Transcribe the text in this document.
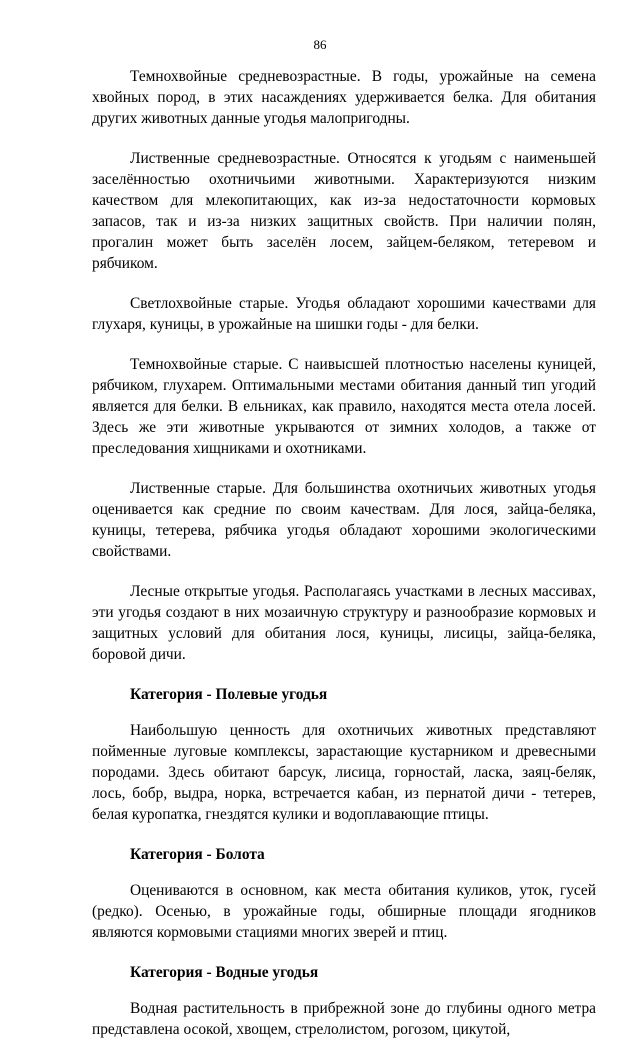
86

Темнохвойные средневозрастные. В годы, урожайные на семена хвойных пород, в этих насаждениях удерживается белка. Для обитания других животных данные угодья малопригодны.

Лиственные средневозрастные. Относятся к угодьям с наименьшей заселённостью охотничьими животными. Характеризуются низким качеством для млекопитающих, как из-за недостаточности кормовых запасов, так и из-за низких защитных свойств. При наличии полян, прогалин может быть заселён лосем, зайцем-беляком, тетеревом и рябчиком.

Светлохвойные старые. Угодья обладают хорошими качествами для глухаря, куницы, в урожайные на шишки годы - для белки.

Темнохвойные старые. С наивысшей плотностью населены куницей, рябчиком, глухарем. Оптимальными местами обитания данный тип угодий является для белки. В ельниках, как правило, находятся места отела лосей. Здесь же эти животные укрываются от зимних холодов, а также от преследования хищниками и охотниками.

Лиственные старые. Для большинства охотничьих животных угодья оценивается как средние по своим качествам. Для лося, зайца-беляка, куницы, тетерева, рябчика угодья обладают хорошими экологическими свойствами.

Лесные открытые угодья. Располагаясь участками в лесных массивах, эти угодья создают в них мозаичную структуру и разнообразие кормовых и защитных условий для обитания лося, куницы, лисицы, зайца-беляка, боровой дичи.

Категория - Полевые угодья

Наибольшую ценность для охотничьих животных представляют пойменные луговые комплексы, зарастающие кустарником и древесными породами. Здесь обитают барсук, лисица, горностай, ласка, заяц-беляк, лось, бобр, выдра, норка, встречается кабан, из пернатой дичи - тетерев, белая куропатка, гнездятся кулики и водоплавающие птицы.

Категория - Болота

Оцениваются в основном, как места обитания куликов, уток, гусей (редко). Осенью, в урожайные годы, обширные площади ягодников являются кормовыми стациями многих зверей и птиц.

Категория - Водные угодья

Водная растительность в прибрежной зоне до глубины одного метра представлена осокой, хвощем, стрелолистом, рогозом, цикутой,
